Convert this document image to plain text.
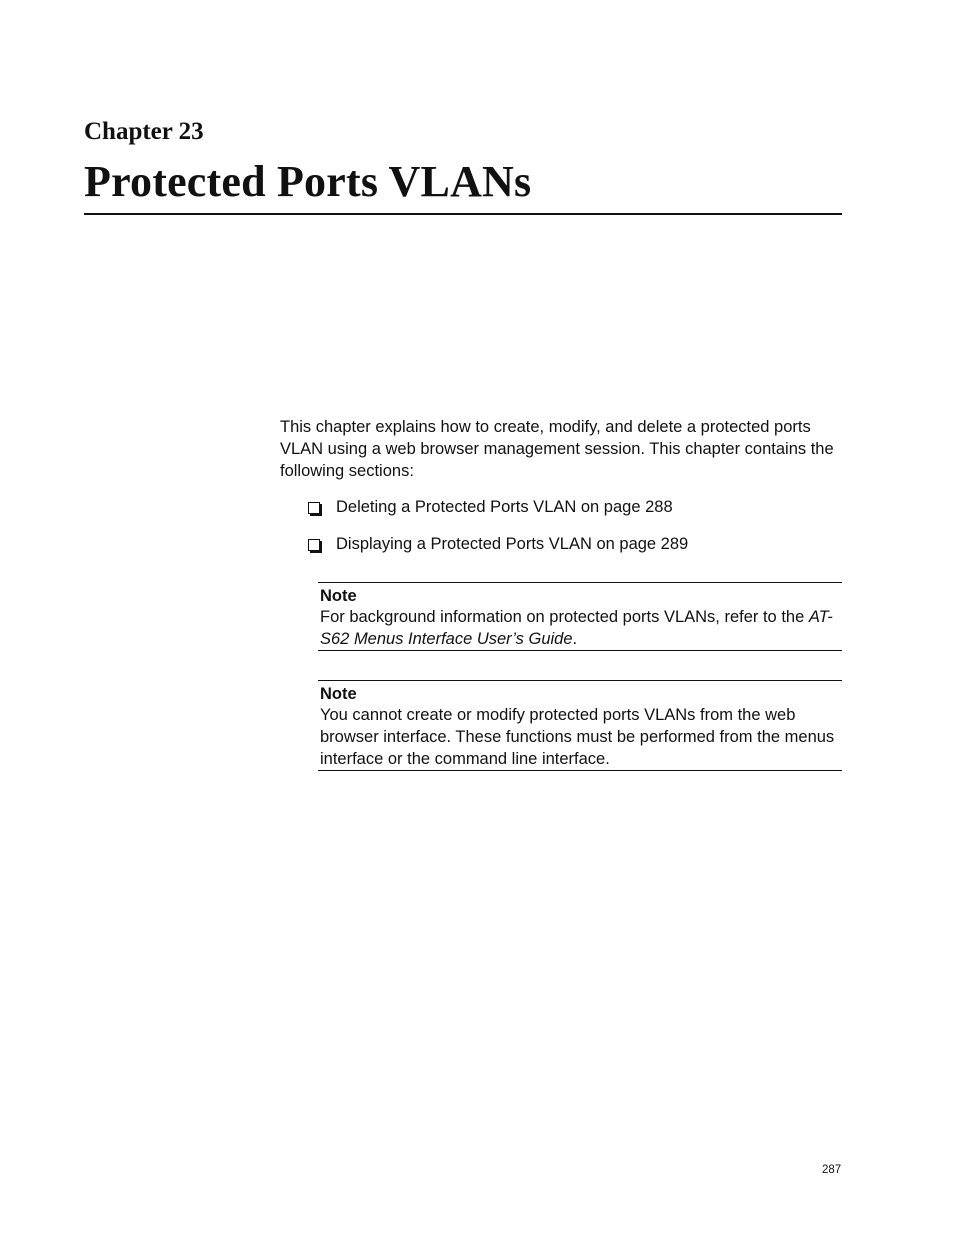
Chapter 23
Protected Ports VLANs

This chapter explains how to create, modify, and delete a protected ports VLAN using a web browser management session. This chapter contains the following sections:

Deleting a Protected Ports VLAN on page 288
Displaying a Protected Ports VLAN on page 289
Note

For background information on protected ports VLANs, refer to the AT-S62 Menus Interface User’s Guide.

Note

You cannot create or modify protected ports VLANs from the web browser interface. These functions must be performed from the menus interface or the command line interface.

287
